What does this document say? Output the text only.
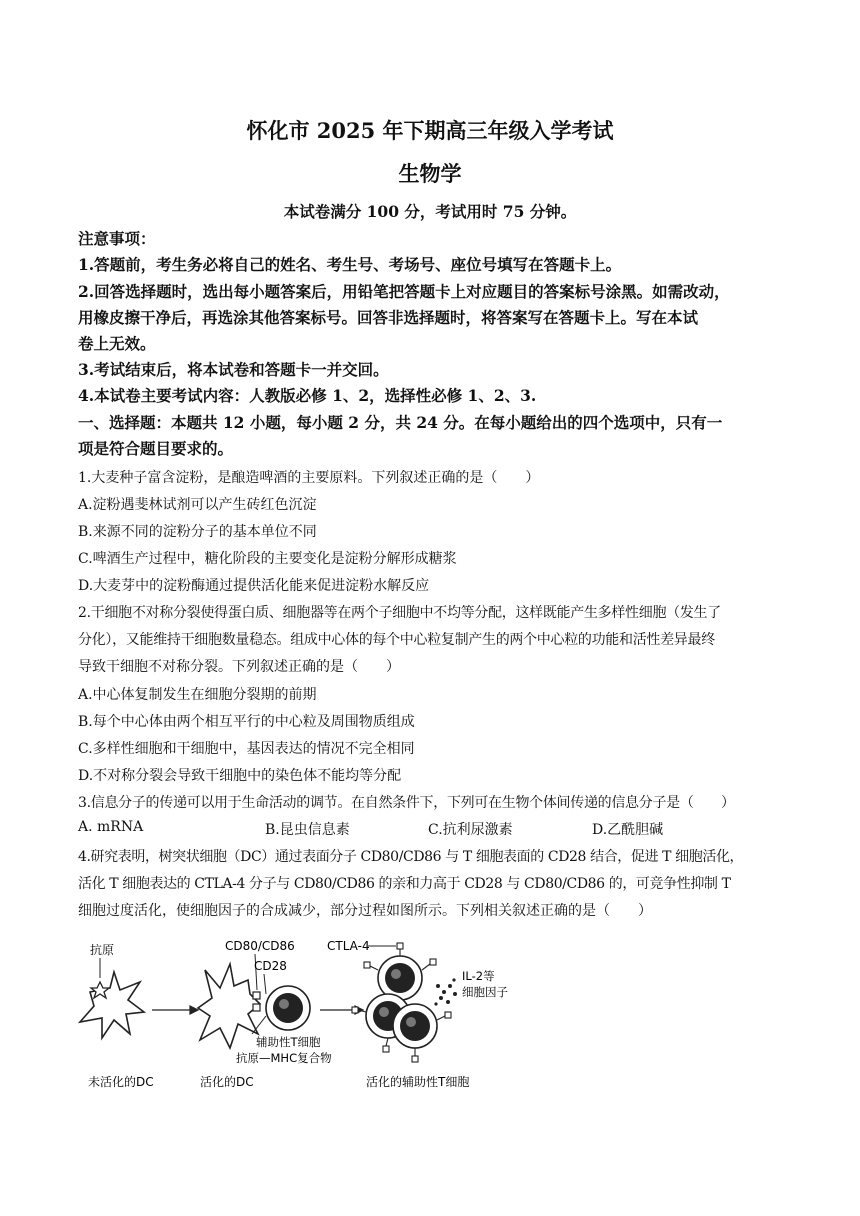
怀化市 2025 年下期高三年级入学考试
生物学
本试卷满分 100 分，考试用时 75 分钟。
注意事项：
1.答题前，考生务必将自己的姓名、考生号、考场号、座位号填写在答题卡上。
2.回答选择题时，选出每小题答案后，用铅笔把答题卡上对应题目的答案标号涂黑。如需改动，
用橡皮擦干净后，再选涂其他答案标号。回答非选择题时，将答案写在答题卡上。写在本试
卷上无效。
3.考试结束后，将本试卷和答题卡一并交回。
4.本试卷主要考试内容：人教版必修 1、2，选择性必修 1、2、3.
一、选择题：本题共 12 小题，每小题 2 分，共 24 分。在每小题给出的四个选项中，只有一
项是符合题目要求的。
1.大麦种子富含淀粉，是酿造啤酒的主要原料。下列叙述正确的是（　　）
A.淀粉遇斐林试剂可以产生砖红色沉淀
B.来源不同的淀粉分子的基本单位不同
C.啤酒生产过程中，糖化阶段的主要变化是淀粉分解形成糖浆
D.大麦芽中的淀粉酶通过提供活化能来促进淀粉水解反应
2.干细胞不对称分裂使得蛋白质、细胞器等在两个子细胞中不均等分配，这样既能产生多样性细胞（发生了
分化），又能维持干细胞数量稳态。组成中心体的每个中心粒复制产生的两个中心粒的功能和活性差异最终
导致干细胞不对称分裂。下列叙述正确的是（　　）
A.中心体复制发生在细胞分裂期的前期
B.每个中心体由两个相互平行的中心粒及周围物质组成
C.多样性细胞和干细胞中，基因表达的情况不完全相同
D.不对称分裂会导致干细胞中的染色体不能均等分配
3.信息分子的传递可以用于生命活动的调节。在自然条件下，下列可在生物个体间传递的信息分子是（　　）
A. mRNA	B.昆虫信息素	C.抗利尿激素	D.乙酰胆碱
4.研究表明，树突状细胞（DC）通过表面分子 CD80/CD86 与 T 细胞表面的 CD28 结合，促进 T 细胞活化，
活化 T 细胞表达的 CTLA-4 分子与 CD80/CD86 的亲和力高于 CD28 与 CD80/CD86 的，可竞争性抑制 T
细胞过度活化，使细胞因子的合成减少，部分过程如图所示。下列相关叙述正确的是（　　）
抗原	CD80/CD86
CD28
辅助性T细胞
抗原—MHC复合物
CTLA-4
IL-2等
细胞因子
未活化的DC	活化的DC	活化的辅助性T细胞
